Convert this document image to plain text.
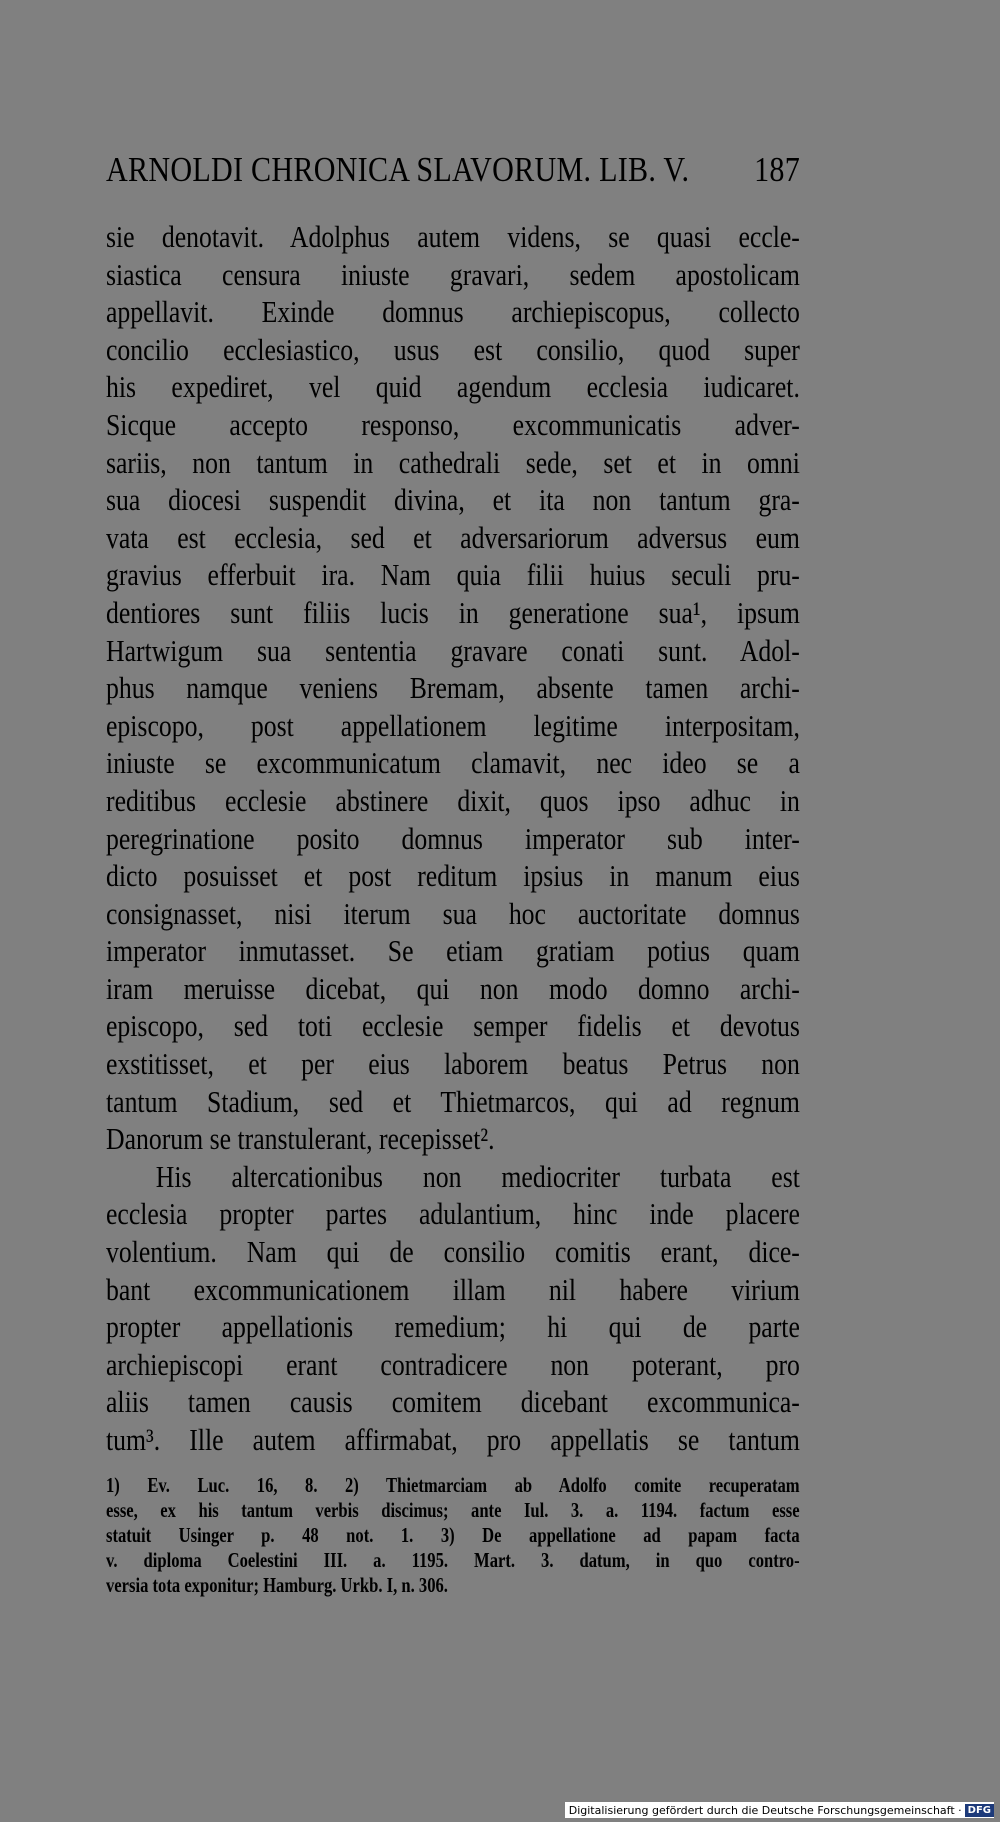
ARNOLDI CHRONICA SLAVORUM. LIB. V. 187
sie denotavit. Adolphus autem videns, se quasi eccle-
siastica censura iniuste gravari, sedem apostolicam
appellavit. Exinde domnus archiepiscopus, collecto
concilio ecclesiastico, usus est consilio, quod super
his expediret, vel quid agendum ecclesia iudicaret.
Sicque accepto responso, excommunicatis adver-
sariis, non tantum in cathedrali sede, set et in omni
sua diocesi suspendit divina, et ita non tantum gra-
vata est ecclesia, sed et adversariorum adversus eum
gravius efferbuit ira. Nam quia filii huius seculi pru-
dentiores sunt filiis lucis in generatione sua¹, ipsum
Hartwigum sua sententia gravare conati sunt. Adol-
phus namque veniens Bremam, absente tamen archi-
episcopo, post appellationem legitime interpositam,
iniuste se excommunicatum clamavit, nec ideo se a
reditibus ecclesie abstinere dixit, quos ipso adhuc in
peregrinatione posito domnus imperator sub inter-
dicto posuisset et post reditum ipsius in manum eius
consignasset, nisi iterum sua hoc auctoritate domnus
imperator inmutasset. Se etiam gratiam potius quam
iram meruisse dicebat, qui non modo domno archi-
episcopo, sed toti ecclesie semper fidelis et devotus
exstitisset, et per eius laborem beatus Petrus non
tantum Stadium, sed et Thietmarcos, qui ad regnum
Danorum se transtulerant, recepisset².
His altercationibus non mediocriter turbata est
ecclesia propter partes adulantium, hinc inde placere
volentium. Nam qui de consilio comitis erant, dice-
bant excommunicationem illam nil habere virium
propter appellationis remedium; hi qui de parte
archiepiscopi erant contradicere non poterant, pro
aliis tamen causis comitem dicebant excommunica-
tum³. Ille autem affirmabat, pro appellatis se tantum
1) Ev. Luc. 16, 8. 2) Thietmarciam ab Adolfo comite recuperatam
esse, ex his tantum verbis discimus; ante Iul. 3. a. 1194. factum esse
statuit Usinger p. 48 not. 1. 3) De appellatione ad papam facta
v. diploma Coelestini III. a. 1195. Mart. 3. datum, in quo contro-
versia tota exponitur; Hamburg. Urkb. I, n. 306.
Digitalisierung gefördert durch die Deutsche Forschungsgemeinschaft · DFG
